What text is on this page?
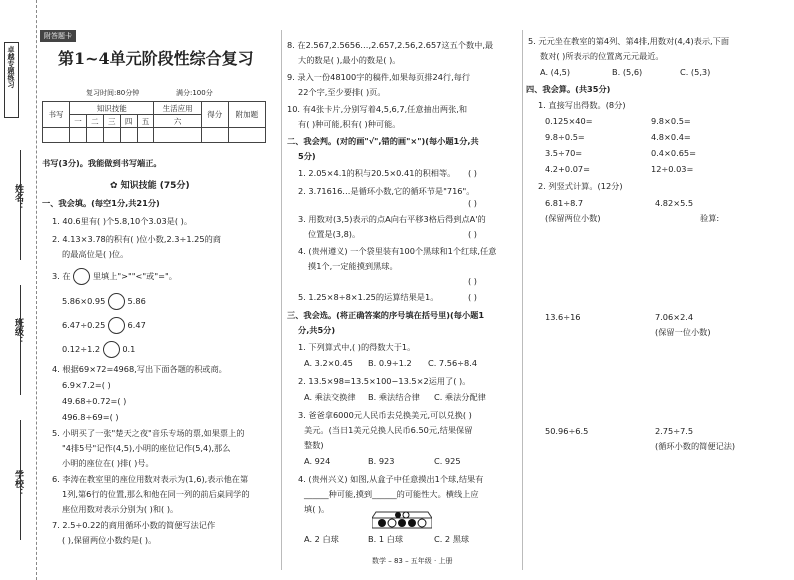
卓越专题练习
姓名：
班级：
学校：
附答题卡
第1~4单元阶段性综合复习
复习时间:80分钟	满分:100分
书写	知识技能					生活应用	得分	附加题
	一	二	三	四	五	六		

书写(3分)。我能做到书写端正。
✿ 知识技能 (75分)
一、我会填。(每空1分,共21分)
1. 40.6里有( )个5.8,10个3.03是( )。
2. 4.13×3.78的积有( )位小数,2.3÷1.25的商
的最高位是( )位。
3. 在	里填上">""<"或"="。
5.86×0.95	5.86
6.47÷0.25	6.47
0.12÷1.2	0.1
4. 根据69×72=4968,写出下面各题的积或商。
6.9×7.2=( )
49.68÷0.72=( )
496.8÷69=( )
5. 小明买了一张"楚天之夜"音乐专场的票,如果票上的
"4排5号"记作(4,5),小明的座位记作(5,4),那么
小明的座位在( )排( )号。
6. 李涛在教室里的座位用数对表示为(1,6),表示他在第
1列,第6行的位置,那么和他在同一列的前后桌同学的
座位用数对表示分别为( )和( )。
7. 2.5÷0.22的商用循环小数的简便写法记作
( ),保留两位小数约是( )。
8. 在2.567,2.5656…,2.657,2.56,2.657这五个数中,最
大的数是( ),最小的数是( )。
9. 录入一份48100字的稿件,如果每页排24行,每行
22个字,至少要排( )页。
10. 有4张卡片,分别写着4,5,6,7,任意抽出两张,和
有( )种可能,积有( )种可能。
二、我会判。(对的画"√",错的画"×")(每小题1分,共
5分)
1. 2.05×4.1的积与20.5×0.41的积相等。 ( )
2. 3.71616…是循环小数,它的循环节是"716"。
( )
3. 用数对(3,5)表示的点A向右平移3格后得到点A'的
位置是(3,8)。	( )
4. (贵州遵义) 一个袋里装有100个黑球和1个红球,任意
摸1个,一定能摸到黑球。
( )
5. 1.25×8÷8×1.25的运算结果是1。	( )
三、我会选。(将正确答案的序号填在括号里)(每小题1
分,共5分)
1. 下列算式中,( )的得数大于1。
A. 3.2×0.45 B. 0.9÷1.2 C. 7.56÷8.4
2. 13.5×98=13.5×100−13.5×2运用了( )。
A. 乘法交换律 B. 乘法结合律 C. 乘法分配律
3. 爸爸拿6000元人民币去兑换美元,可以兑换( )
美元。(当日1美元兑换人民币6.50元,结果保留
整数)
A. 924	B. 923	C. 925
4. (贵州兴义) 如图,从盒子中任意摸出1个球,结果有
______种可能,摸到______的可能性大。横线上应
填( )。
A. 2 白球	B. 1 白球	C. 2 黑球
数学 – 83 – 五年级 · 上册
5. 元元坐在教室的第4列、第4排,用数对(4,4)表示,下面
数对( )所表示的位置离元元最近。
A. (4,5)	B. (5,6)	C. (5,3)
四、我会算。(共35分)
1. 直接写出得数。(8分)
0.125×40=	9.8×0.5=
9.8÷0.5=	4.8×0.4=
3.5÷70=	0.4×0.65=
4.2+0.07=	12÷0.03=
2. 列竖式计算。(12分)
6.81÷8.7
(保留两位小数)
4.82×5.5
验算:
13.6÷16	7.06×2.4
(保留一位小数)
50.96÷6.5	2.75÷7.5
(循环小数的简便记法)
